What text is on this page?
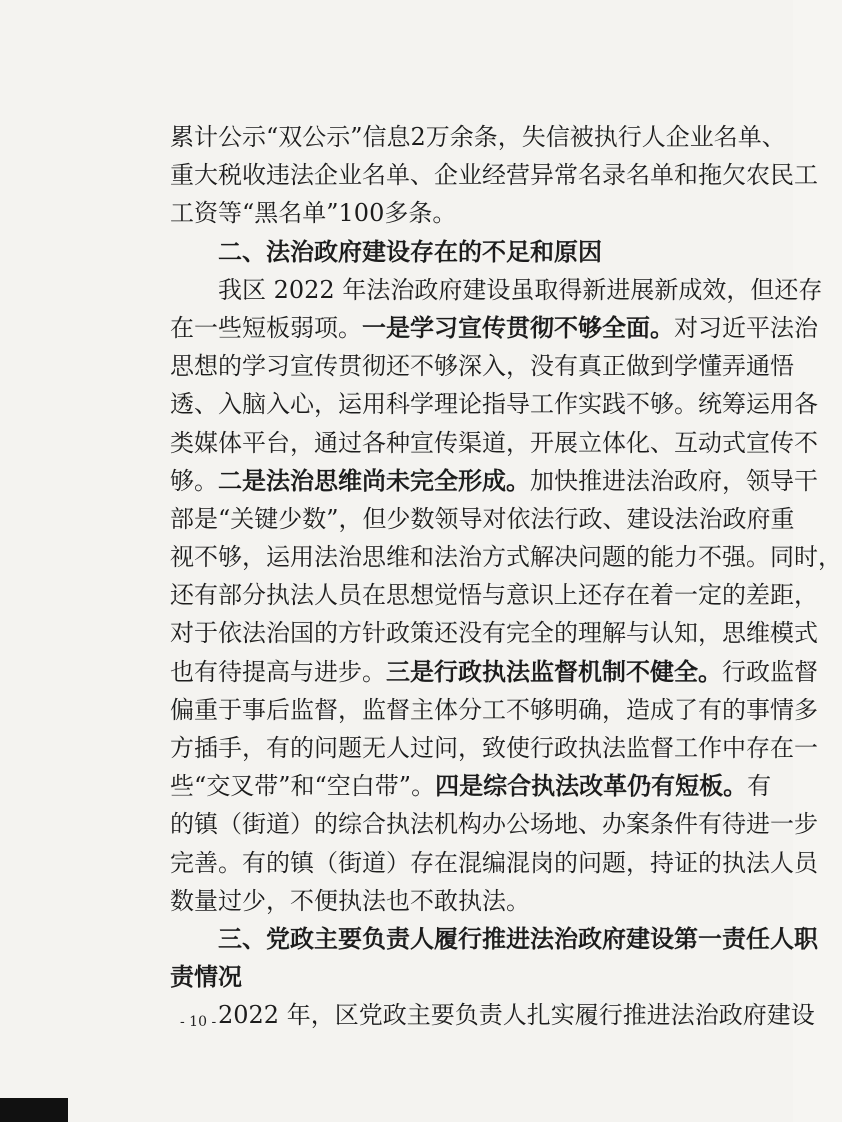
累计公示“双公示”信息2万余条，失信被执行人企业名单、
重大税收违法企业名单、企业经营异常名录名单和拖欠农民工
工资等“黑名单”100多条。
二、法治政府建设存在的不足和原因
我区 2022 年法治政府建设虽取得新进展新成效，但还存
在一些短板弱项。一是学习宣传贯彻不够全面。对习近平法治
思想的学习宣传贯彻还不够深入，没有真正做到学懂弄通悟
透、入脑入心，运用科学理论指导工作实践不够。统筹运用各
类媒体平台，通过各种宣传渠道，开展立体化、互动式宣传不
够。二是法治思维尚未完全形成。加快推进法治政府，领导干
部是“关键少数”，但少数领导对依法行政、建设法治政府重
视不够，运用法治思维和法治方式解决问题的能力不强。同时，
还有部分执法人员在思想觉悟与意识上还存在着一定的差距，
对于依法治国的方针政策还没有完全的理解与认知，思维模式
也有待提高与进步。三是行政执法监督机制不健全。行政监督
偏重于事后监督，监督主体分工不够明确，造成了有的事情多
方插手，有的问题无人过问，致使行政执法监督工作中存在一
些“交叉带”和“空白带”。四是综合执法改革仍有短板。有
的镇（街道）的综合执法机构办公场地、办案条件有待进一步
完善。有的镇（街道）存在混编混岗的问题，持证的执法人员
数量过少，不便执法也不敢执法。
三、党政主要负责人履行推进法治政府建设第一责任人职
责情况
2022 年，区党政主要负责人扎实履行推进法治政府建设
- 10 -
